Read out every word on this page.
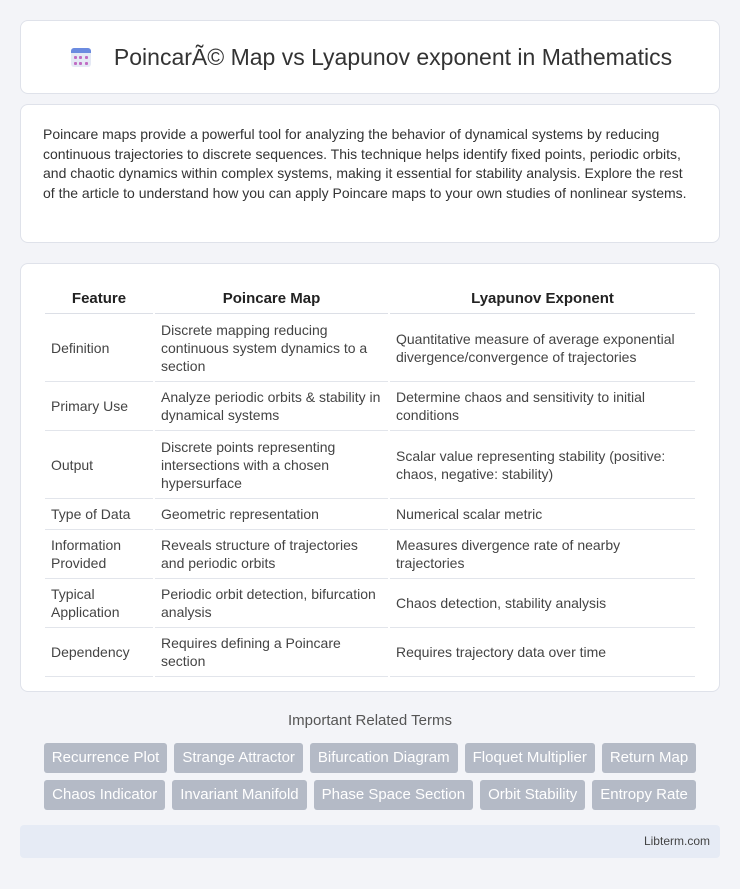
PoincarÃ© Map vs Lyapunov exponent in Mathematics

Poincare maps provide a powerful tool for analyzing the behavior of dynamical systems by reducing continuous trajectories to discrete sequences. This technique helps identify fixed points, periodic orbits, and chaotic dynamics within complex systems, making it essential for stability analysis. Explore the rest of the article to understand how you can apply Poincare maps to your own studies of nonlinear systems.

Feature	Poincare Map	Lyapunov Exponent
Definition	Discrete mapping reducing continuous system dynamics to a section	Quantitative measure of average exponential divergence/convergence of trajectories
Primary Use	Analyze periodic orbits & stability in dynamical systems	Determine chaos and sensitivity to initial conditions
Output	Discrete points representing intersections with a chosen hypersurface	Scalar value representing stability (positive: chaos, negative: stability)
Type of Data	Geometric representation	Numerical scalar metric
Information Provided	Reveals structure of trajectories and periodic orbits	Measures divergence rate of nearby trajectories
Typical Application	Periodic orbit detection, bifurcation analysis	Chaos detection, stability analysis
Dependency	Requires defining a Poincare section	Requires trajectory data over time
Important Related Terms
Recurrence Plot	Strange Attractor	Bifurcation Diagram	Floquet Multiplier	Return Map
Chaos Indicator	Invariant Manifold	Phase Space Section	Orbit Stability	Entropy Rate
Libterm.com
